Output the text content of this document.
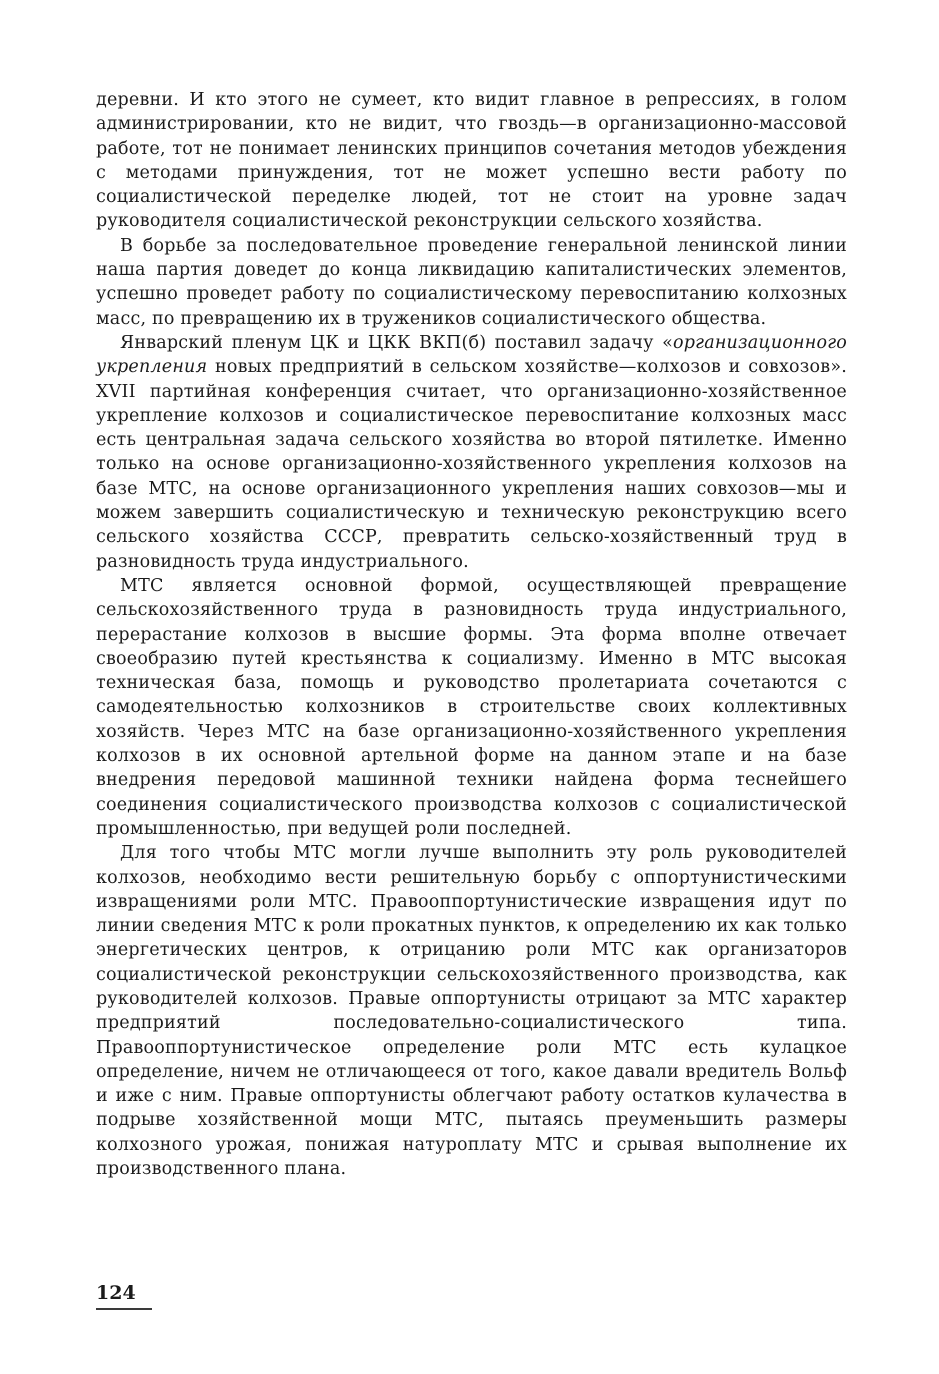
деревни. И кто этого не сумеет, кто видит главное в репрессиях, в голом администрировании, кто не видит, что гвоздь—в организационно-массовой работе, тот не понимает ленинских принципов сочетания методов убеждения с методами принуждения, тот не может успешно вести работу по социалистической переделке людей, тот не стоит на уровне задач руководителя социалистической реконструкции сельского хозяйства.

В борьбе за последовательное проведение генеральной ленинской линии наша партия доведет до конца ликвидацию капиталистических элементов, успешно проведет работу по социалистическому перевоспитанию колхозных масс, по превращению их в тружеников социалистического общества.

Январский пленум ЦК и ЦКК ВКП(б) поставил задачу «организационного укрепления новых предприятий в сельском хозяйстве—колхозов и совхозов». XVII партийная конференция считает, что организационно-хозяйственное укрепление колхозов и социалистическое перевоспитание колхозных масс есть центральная задача сельского хозяйства во второй пятилетке. Именно только на основе организационно-хозяйственного укрепления колхозов на базе МТС, на основе организационного укрепления наших совхозов—мы и можем завершить социалистическую и техническую реконструкцию всего сельского хозяйства СССР, превратить сельско-хозяйственный труд в разновидность труда индустриального.

МТС является основной формой, осуществляющей превращение сельскохозяйственного труда в разновидность труда индустриального, перерастание колхозов в высшие формы. Эта форма вполне отвечает своеобразию путей крестьянства к социализму. Именно в МТС высокая техническая база, помощь и руководство пролетариата сочетаются с самодеятельностью колхозников в строительстве своих коллективных хозяйств. Через МТС на базе организационно-хозяйственного укрепления колхозов в их основной артельной форме на данном этапе и на базе внедрения передовой машинной техники найдена форма теснейшего соединения социалистического производства колхозов с социалистической промышленностью, при ведущей роли последней.

Для того чтобы МТС могли лучше выполнить эту роль руководителей колхозов, необходимо вести решительную борьбу с оппортунистическими извращениями роли МТС. Правооппортунистические извращения идут по линии сведения МТС к роли прокатных пунктов, к определению их как только энергетических центров, к отрицанию роли МТС как организаторов социалистической реконструкции сельскохозяйственного производства, как руководителей колхозов. Правые оппортунисты отрицают за МТС характер предприятий последовательно-социалистического типа. Правооппортунистическое определение роли МТС есть кулацкое определение, ничем не отличающееся от того, какое давали вредитель Вольф и иже с ним. Правые оппортунисты облегчают работу остатков кулачества в подрыве хозяйственной мощи МТС, пытаясь преуменьшить размеры колхозного урожая, понижая натуроплату МТС и срывая выполнение их производственного плана.

124
